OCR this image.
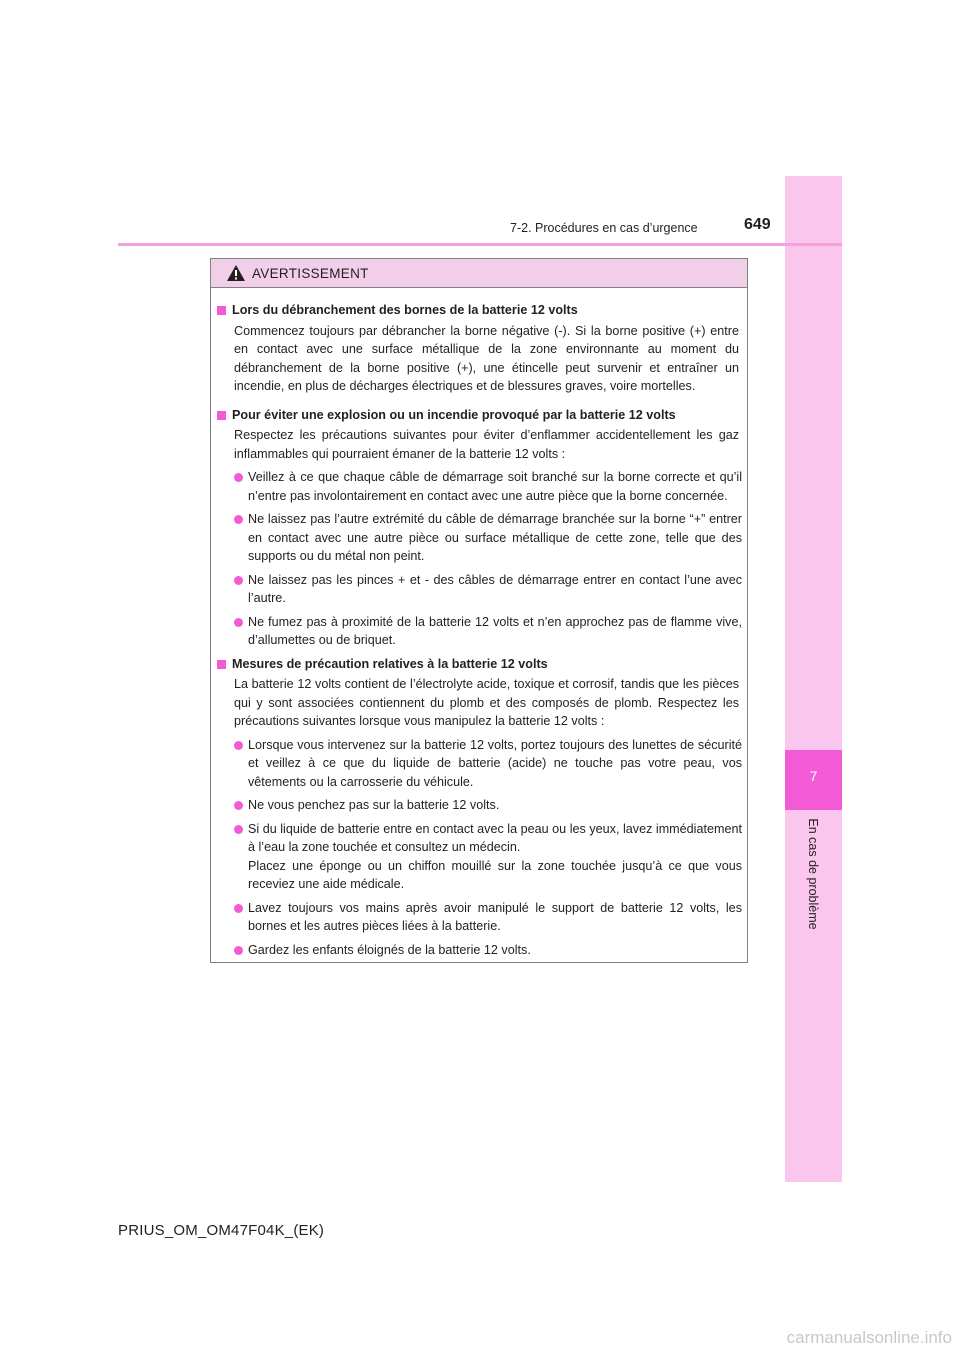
7
En cas de problème
7-2. Procédures en cas d’urgence	649
AVERTISSEMENT
Lors du débranchement des bornes de la batterie 12 volts
Commencez toujours par débrancher la borne négative (-). Si la borne positive (+) entre en contact avec une surface métallique de la zone environnante au moment du débranchement de la borne positive (+), une étincelle peut survenir et entraîner un incendie, en plus de décharges électriques et de blessures graves, voire mortelles.
Pour éviter une explosion ou un incendie provoqué par la batterie 12 volts
Respectez les précautions suivantes pour éviter d’enflammer accidentellement les gaz inflammables qui pourraient émaner de la batterie 12 volts :
Veillez à ce que chaque câble de démarrage soit branché sur la borne correcte et qu’il n’entre pas involontairement en contact avec une autre pièce que la borne concernée.
Ne laissez pas l’autre extrémité du câble de démarrage branchée sur la borne “+” entrer en contact avec une autre pièce ou surface métallique de cette zone, telle que des supports ou du métal non peint.
Ne laissez pas les pinces + et - des câbles de démarrage entrer en contact l’une avec l’autre.
Ne fumez pas à proximité de la batterie 12 volts et n’en approchez pas de flamme vive, d’allumettes ou de briquet.
Mesures de précaution relatives à la batterie 12 volts
La batterie 12 volts contient de l’électrolyte acide, toxique et corrosif, tandis que les pièces qui y sont associées contiennent du plomb et des composés de plomb. Respectez les précautions suivantes lorsque vous manipulez la batterie 12 volts :
Lorsque vous intervenez sur la batterie 12 volts, portez toujours des lunettes de sécurité et veillez à ce que du liquide de batterie (acide) ne touche pas votre peau, vos vêtements ou la carrosserie du véhicule.
Ne vous penchez pas sur la batterie 12 volts.
Si du liquide de batterie entre en contact avec la peau ou les yeux, lavez immédiatement à l’eau la zone touchée et consultez un médecin.
Placez une éponge ou un chiffon mouillé sur la zone touchée jusqu’à ce que vous receviez une aide médicale.
Lavez toujours vos mains après avoir manipulé le support de batterie 12 volts, les bornes et les autres pièces liées à la batterie.
Gardez les enfants éloignés de la batterie 12 volts.
PRIUS_OM_OM47F04K_(EK)
carmanualsonline.info
